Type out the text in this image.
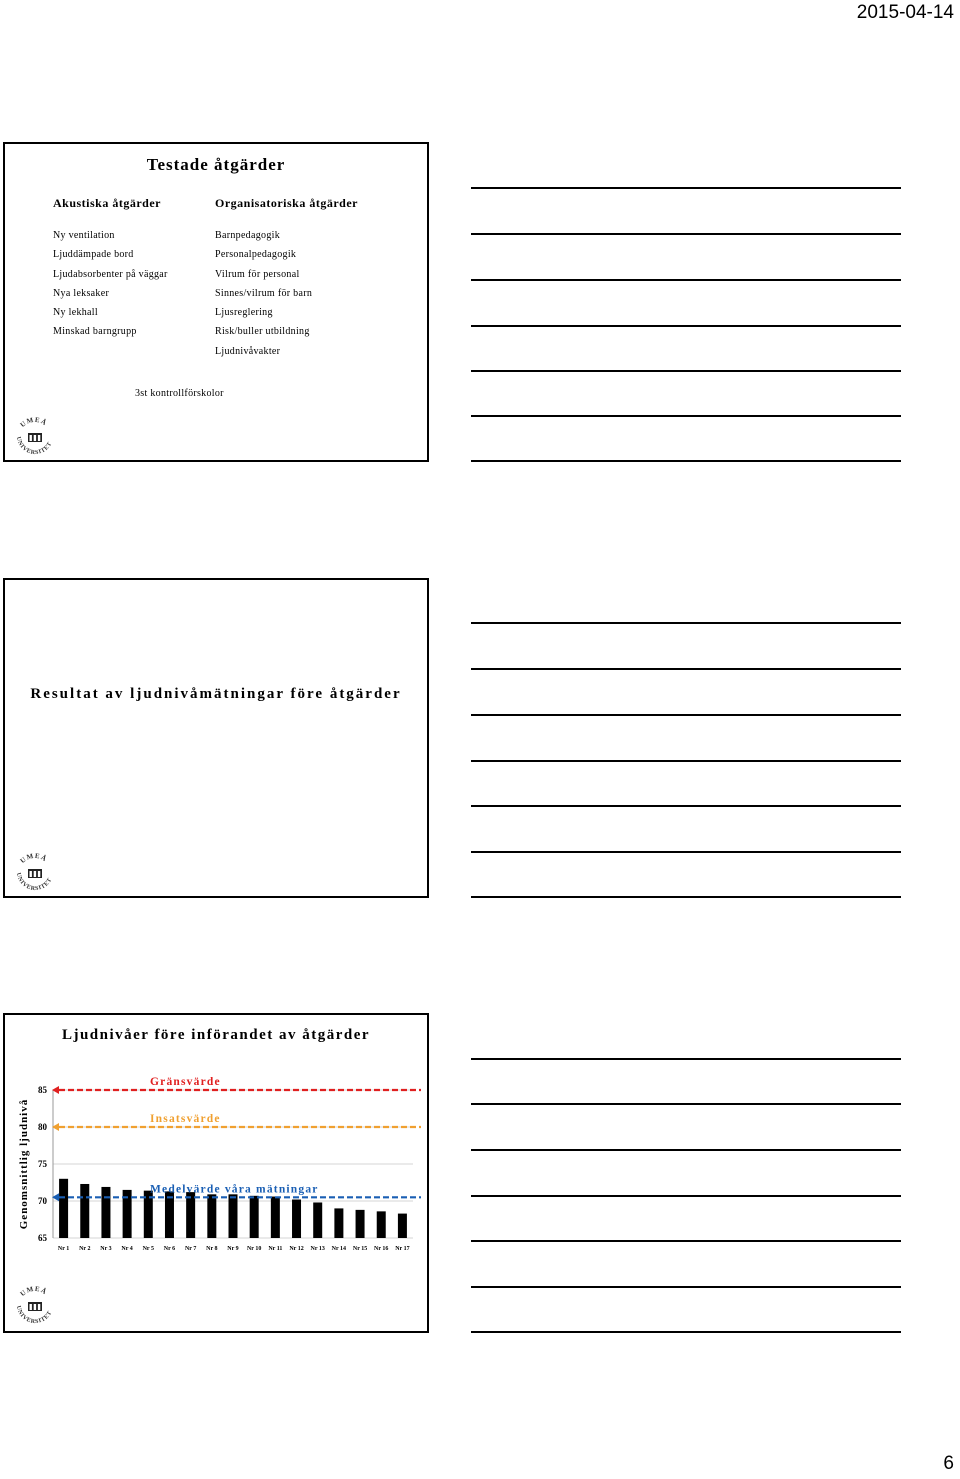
2015-04-14
Testade åtgärder
Akustiska åtgärder	Organisatoriska åtgärder
Ny ventilation
Ljuddämpade bord
Ljudabsorbenter på väggar
Nya leksaker
Ny lekhall
Minskad barngrupp
Barnpedagogik
Personalpedagogik
Vilrum för personal
Sinnes/vilrum för barn
Ljusreglering
Risk/buller utbildning
Ljudnivåvakter
3st kontrollförskolor
UMEÅ
UNIVERSITET
Resultat av ljudnivåmätningar före åtgärder
UMEÅ
UNIVERSITET
Ljudnivåer före införandet av åtgärder
Genomsnittlig ljudnivå
65
70
75
80
85
Nr 1 Nr 2 Nr 3 Nr 4 Nr 5 Nr 6 Nr 7 Nr 8 Nr 9 Nr 10 Nr 11 Nr 12 Nr 13 Nr 14 Nr 15 Nr 16 Nr 17
Gränsvärde
Insatsvärde
Medelvärde våra mätningar
UMEÅ
UNIVERSITET
6
